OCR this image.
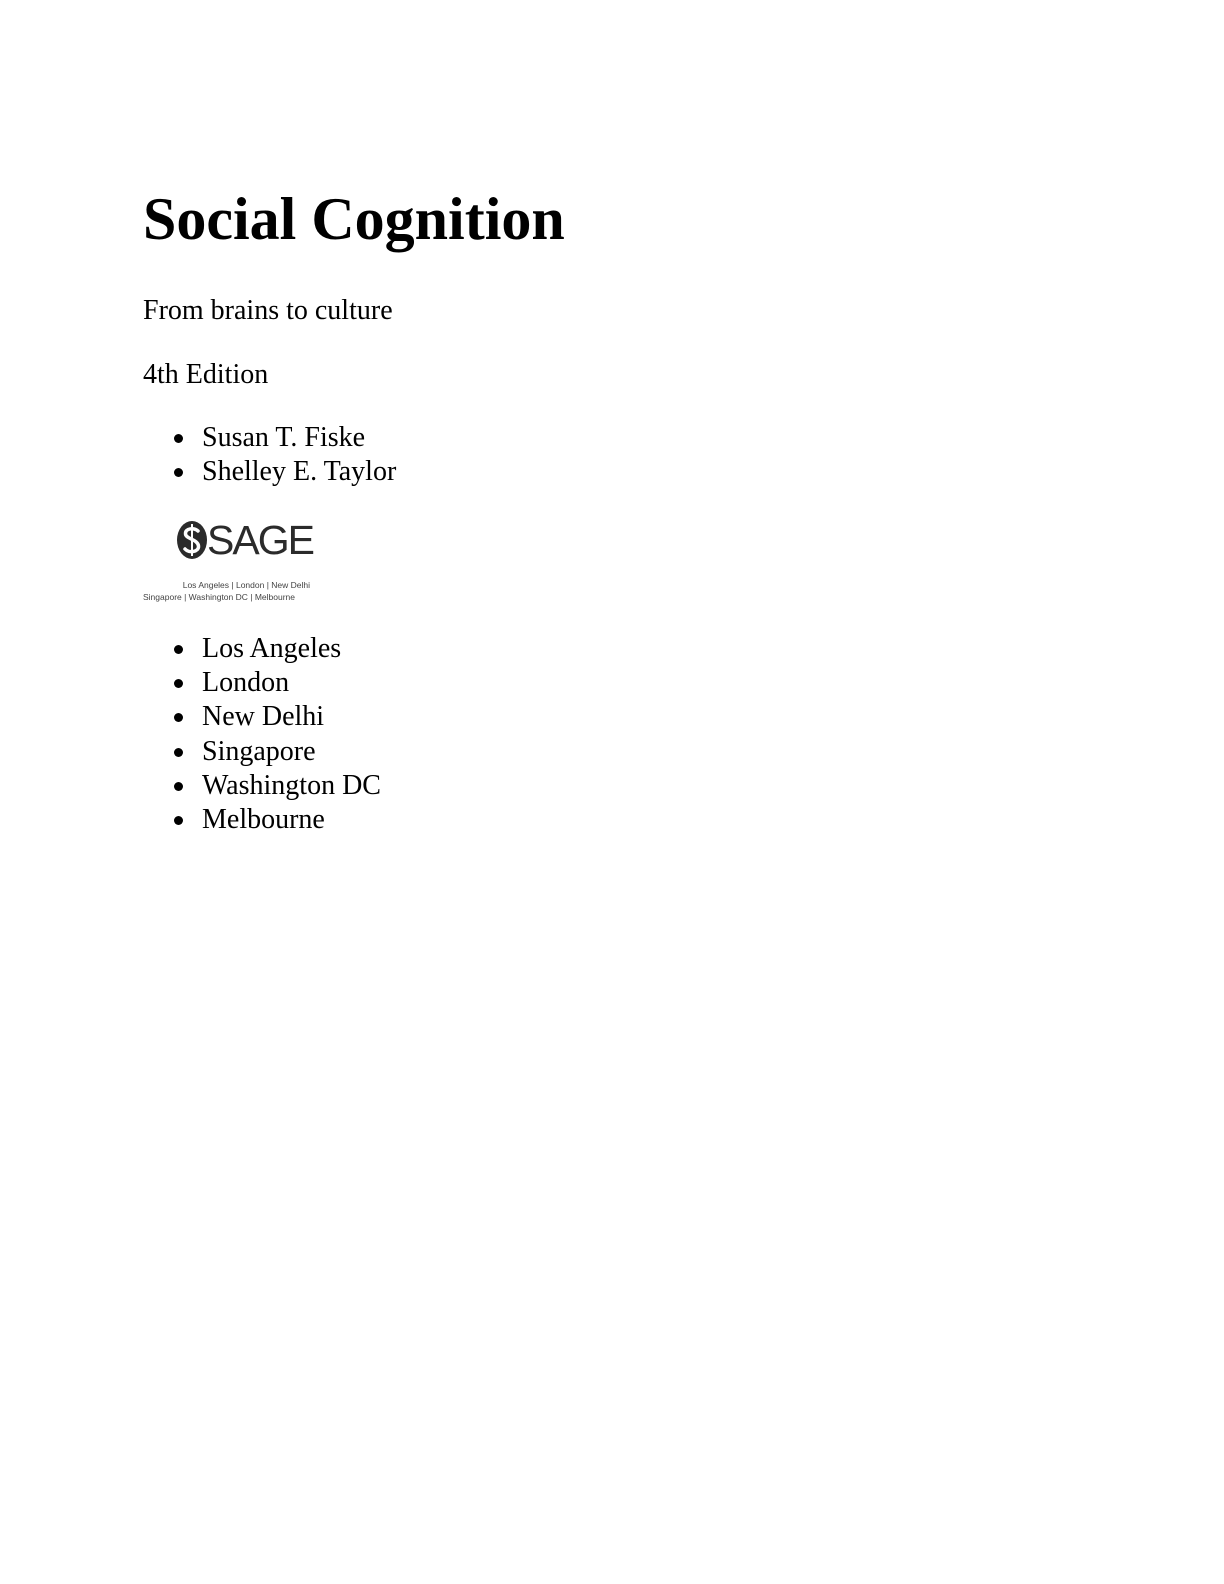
Social Cognition

From brains to culture

4th Edition

Susan T. Fiske
Shelley E. Taylor
SAGE
Los Angeles | London | New Delhi
Singapore | Washington DC | Melbourne
Los Angeles
London
New Delhi
Singapore
Washington DC
Melbourne
